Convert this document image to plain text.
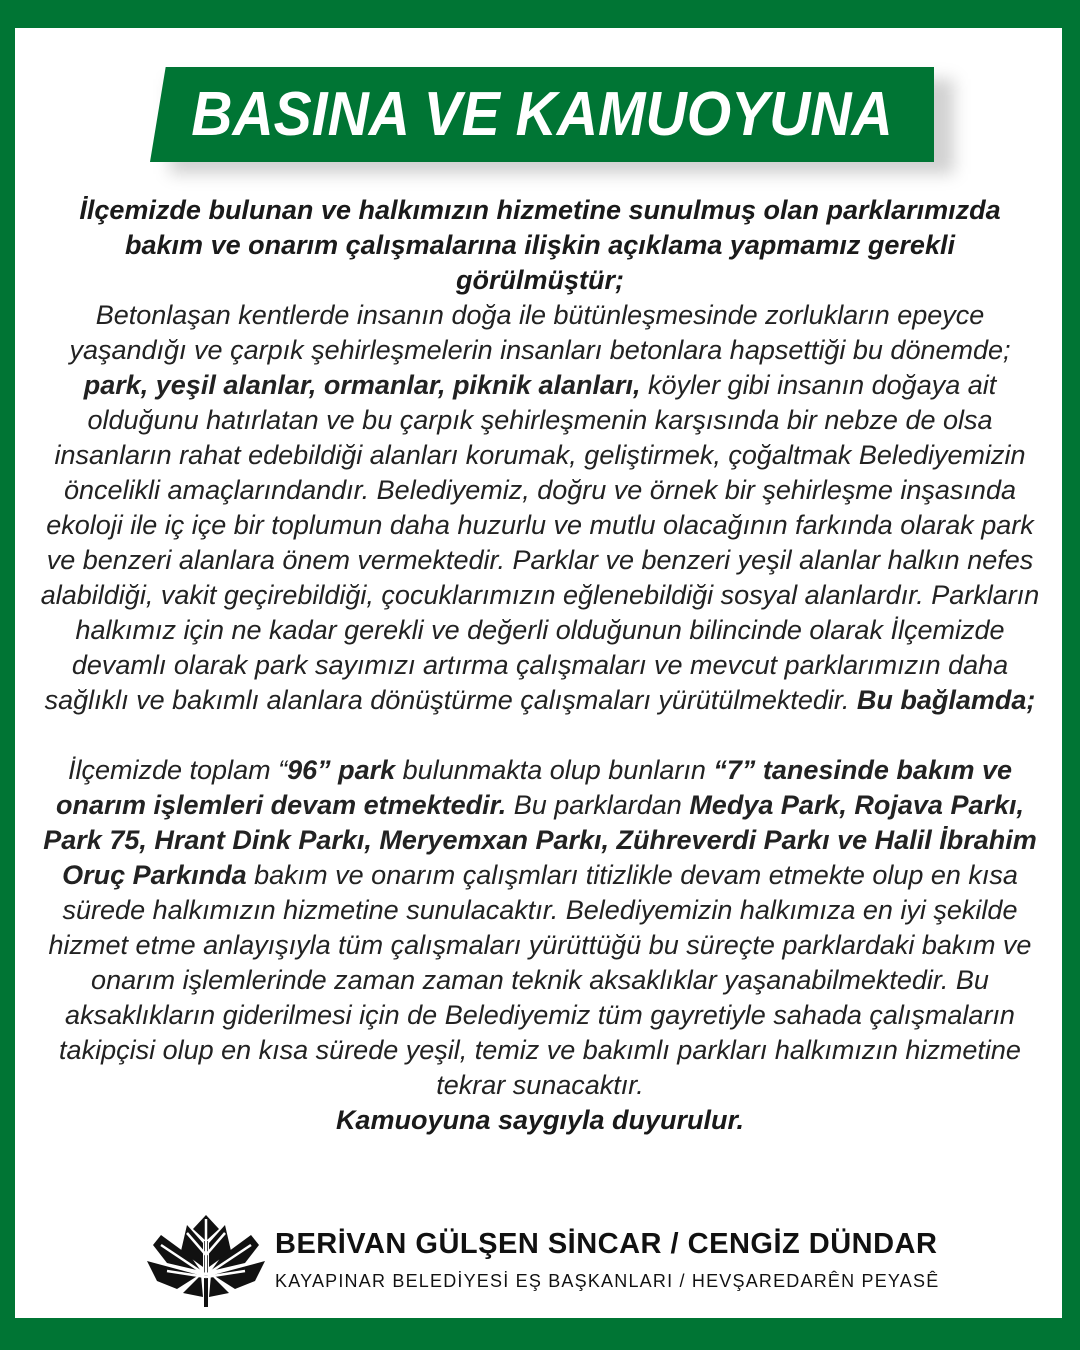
BASINA VE KAMUOYUNA

İlçemizde bulunan ve halkımızın hizmetine sunulmuş olan parklarımızda bakım ve onarım çalışmalarına ilişkin açıklama yapmamız gerekli görülmüştür;

Betonlaşan kentlerde insanın doğa ile bütünleşmesinde zorlukların epeyce yaşandığı ve çarpık şehirleşmelerin insanları betonlara hapsettiği bu dönemde; park, yeşil alanlar, ormanlar, piknik alanları, köyler gibi insanın doğaya ait olduğunu hatırlatan ve bu çarpık şehirleşmenin karşısında bir nebze de olsa insanların rahat edebildiği alanları korumak, geliştirmek, çoğaltmak Belediyemizin öncelikli amaçlarındandır. Belediyemiz, doğru ve örnek bir şehirleşme inşasında ekoloji ile iç içe bir toplumun daha huzurlu ve mutlu olacağının farkında olarak park ve benzeri alanlara önem vermektedir. Parklar ve benzeri yeşil alanlar halkın nefes alabildiği, vakit geçirebildiği, çocuklarımızın eğlenebildiği sosyal alanlardır. Parkların halkımız için ne kadar gerekli ve değerli olduğunun bilincinde olarak İlçemizde devamlı olarak park sayımızı artırma çalışmaları ve mevcut parklarımızın daha sağlıklı ve bakımlı alanlara dönüştürme çalışmaları yürütülmektedir. Bu bağlamda;

İlçemizde toplam “96” park bulunmakta olup bunların “7” tanesinde bakım ve onarım işlemleri devam etmektedir. Bu parklardan Medya Park, Rojava Parkı, Park 75, Hrant Dink Parkı, Meryemxan Parkı, Zühreverdi Parkı ve Halil İbrahim Oruç Parkında bakım ve onarım çalışmları titizlikle devam etmekte olup en kısa sürede halkımızın hizmetine sunulacaktır. Belediyemizin halkımıza en iyi şekilde hizmet etme anlayışıyla tüm çalışmaları yürüttüğü bu süreçte parklardaki bakım ve onarım işlemlerinde zaman zaman teknik aksaklıklar yaşanabilmektedir. Bu aksaklıkların giderilmesi için de Belediyemiz tüm gayretiyle sahada çalışmaların takipçisi olup en kısa sürede yeşil, temiz ve bakımlı parkları halkımızın hizmetine tekrar sunacaktır.

Kamuoyuna saygıyla duyurulur.

BERİVAN GÜLŞEN SİNCAR / CENGİZ DÜNDAR
KAYAPINAR BELEDİYESİ EŞ BAŞKANLARI / HEVŞAREDARÊN PEYASÊ
